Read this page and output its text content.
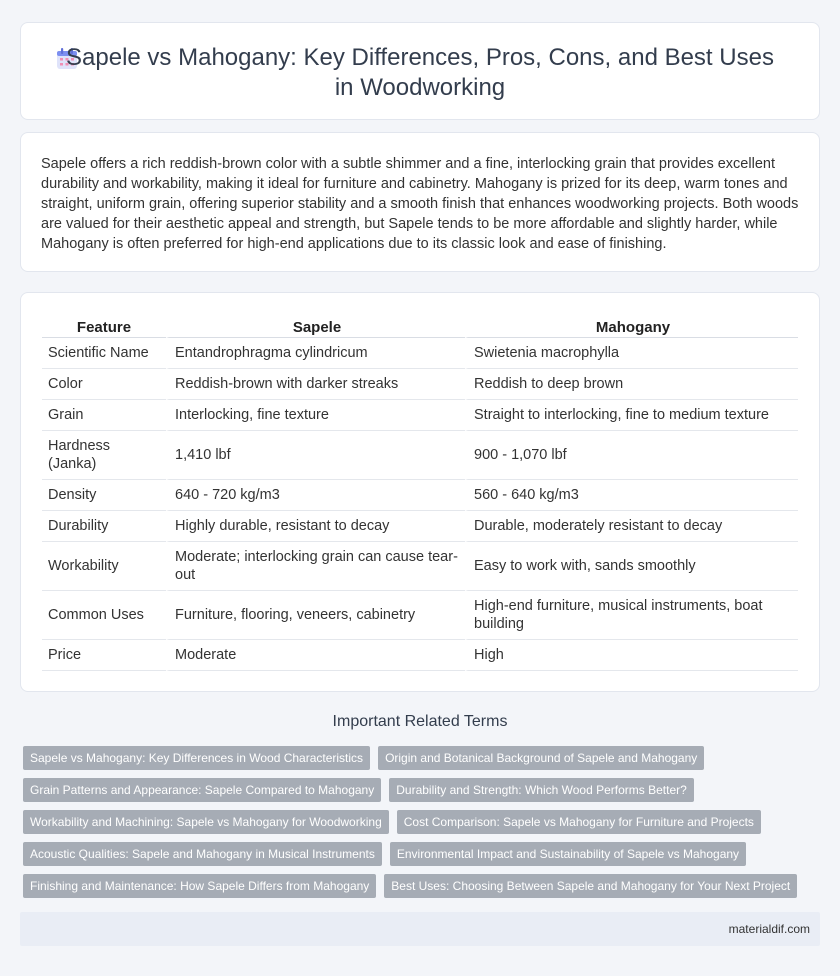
Sapele vs Mahogany: Key Differences, Pros, Cons, and Best Uses in Woodworking

Sapele offers a rich reddish-brown color with a subtle shimmer and a fine, interlocking grain that provides excellent durability and workability, making it ideal for furniture and cabinetry. Mahogany is prized for its deep, warm tones and straight, uniform grain, offering superior stability and a smooth finish that enhances woodworking projects. Both woods are valued for their aesthetic appeal and strength, but Sapele tends to be more affordable and slightly harder, while Mahogany is often preferred for high-end applications due to its classic look and ease of finishing.

Feature	Sapele	Mahogany
Scientific Name	Entandrophragma cylindricum	Swietenia macrophylla
Color	Reddish-brown with darker streaks	Reddish to deep brown
Grain	Interlocking, fine texture	Straight to interlocking, fine to medium texture
Hardness (Janka)	1,410 lbf	900 - 1,070 lbf
Density	640 - 720 kg/m3	560 - 640 kg/m3
Durability	Highly durable, resistant to decay	Durable, moderately resistant to decay
Workability	Moderate; interlocking grain can cause tear-out	Easy to work with, sands smoothly
Common Uses	Furniture, flooring, veneers, cabinetry	High-end furniture, musical instruments, boat building
Price	Moderate	High
Important Related Terms
Sapele vs Mahogany: Key Differences in Wood Characteristics	Origin and Botanical Background of Sapele and Mahogany
Grain Patterns and Appearance: Sapele Compared to Mahogany	Durability and Strength: Which Wood Performs Better?
Workability and Machining: Sapele vs Mahogany for Woodworking	Cost Comparison: Sapele vs Mahogany for Furniture and Projects
Acoustic Qualities: Sapele and Mahogany in Musical Instruments	Environmental Impact and Sustainability of Sapele vs Mahogany
Finishing and Maintenance: How Sapele Differs from Mahogany	Best Uses: Choosing Between Sapele and Mahogany for Your Next Project
materialdif.com
